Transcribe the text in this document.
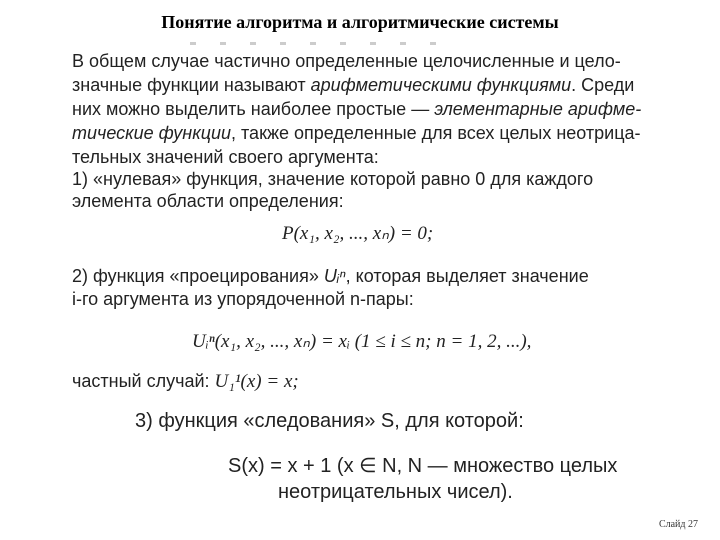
Понятие алгоритма и алгоритмические системы
В общем случае частично определенные целочисленные и цело-
значные функции называют арифметическими функциями. Среди
них можно выделить наиболее простые — элементарные арифме-
тические функции, также определенные для всех целых неотрица-
тельных значений своего аргумента:
1) «нулевая» функция, значение которой равно 0 для каждого
элемента области определения:
P(x₁, x₂, ..., xₙ) = 0;
2) функция «проецирования» Uᵢⁿ, которая выделяет значение
i-го аргумента из упорядоченной n-пары:
Uᵢⁿ(x₁, x₂, ..., xₙ) = xᵢ (1 ≤ i ≤ n; n = 1, 2, ...),
частный случай: U₁¹(x) = x;
3) функция «следования» S, для которой:
S(x) = x + 1 (x ∈ N, N — множество целых
неотрицательных чисел).
Слайд 27
